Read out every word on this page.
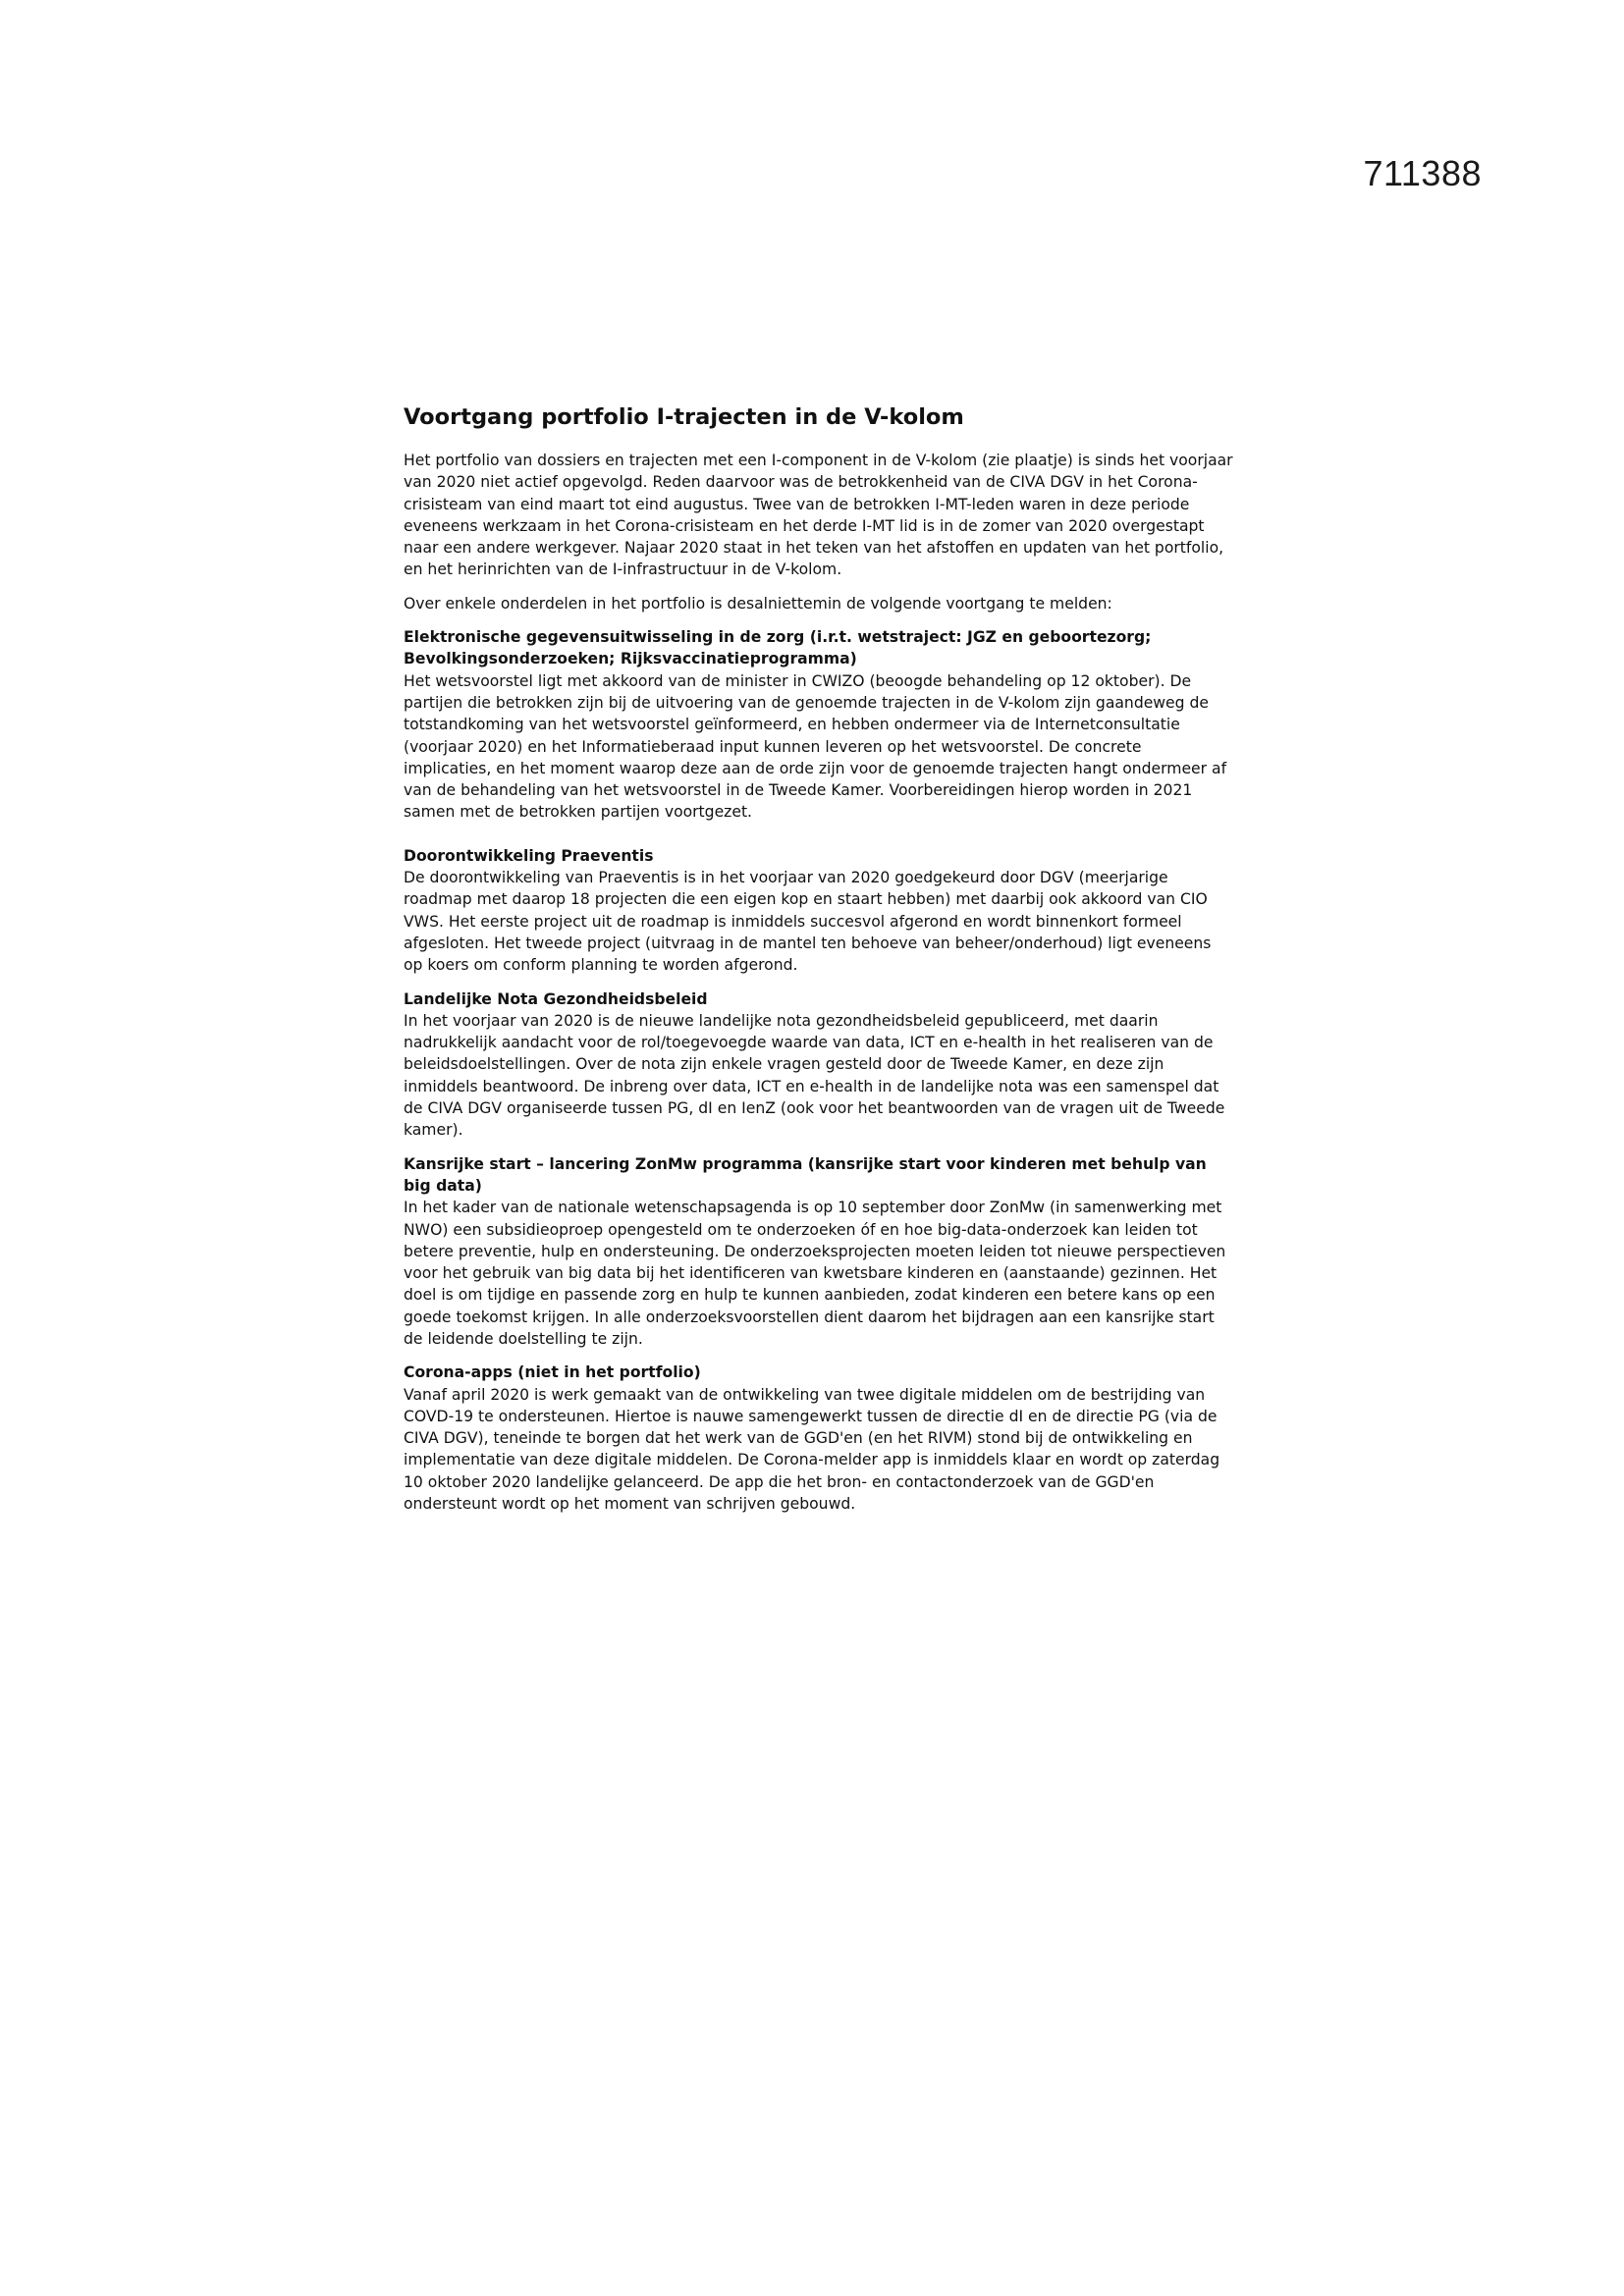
711388
Voortgang portfolio I-trajecten in de V-kolom

Het portfolio van dossiers en trajecten met een I-component in de V-kolom (zie plaatje) is sinds het voorjaar van 2020 niet actief opgevolgd. Reden daarvoor was de betrokkenheid van de CIVA DGV in het Corona-crisisteam van eind maart tot eind augustus. Twee van de betrokken I-MT-leden waren in deze periode eveneens werkzaam in het Corona-crisisteam en het derde I-MT lid is in de zomer van 2020 overgestapt naar een andere werkgever. Najaar 2020 staat in het teken van het afstoffen en updaten van het portfolio, en het herinrichten van de I-infrastructuur in de V-kolom.

Over enkele onderdelen in het portfolio is desalniettemin de volgende voortgang te melden:

Elektronische gegevensuitwisseling in de zorg (i.r.t. wetstraject: JGZ en geboortezorg; Bevolkingsonderzoeken; Rijksvaccinatieprogramma)

Het wetsvoorstel ligt met akkoord van de minister in CWIZO (beoogde behandeling op 12 oktober). De partijen die betrokken zijn bij de uitvoering van de genoemde trajecten in de V-kolom zijn gaandeweg de totstandkoming van het wetsvoorstel geïnformeerd, en hebben ondermeer via de Internetconsultatie (voorjaar 2020) en het Informatieberaad input kunnen leveren op het wetsvoorstel. De concrete implicaties, en het moment waarop deze aan de orde zijn voor de genoemde trajecten hangt ondermeer af van de behandeling van het wetsvoorstel in de Tweede Kamer. Voorbereidingen hierop worden in 2021 samen met de betrokken partijen voortgezet.

Doorontwikkeling Praeventis

De doorontwikkeling van Praeventis is in het voorjaar van 2020 goedgekeurd door DGV (meerjarige roadmap met daarop 18 projecten die een eigen kop en staart hebben) met daarbij ook akkoord van CIO VWS. Het eerste project uit de roadmap is inmiddels succesvol afgerond en wordt binnenkort formeel afgesloten. Het tweede project (uitvraag in de mantel ten behoeve van beheer/onderhoud) ligt eveneens op koers om conform planning te worden afgerond.

Landelijke Nota Gezondheidsbeleid

In het voorjaar van 2020 is de nieuwe landelijke nota gezondheidsbeleid gepubliceerd, met daarin nadrukkelijk aandacht voor de rol/toegevoegde waarde van data, ICT en e-health in het realiseren van de beleidsdoelstellingen. Over de nota zijn enkele vragen gesteld door de Tweede Kamer, en deze zijn inmiddels beantwoord. De inbreng over data, ICT en e-health in de landelijke nota was een samenspel dat de CIVA DGV organiseerde tussen PG, dI en IenZ (ook voor het beantwoorden van de vragen uit de Tweede kamer).

Kansrijke start – lancering ZonMw programma (kansrijke start voor kinderen met behulp van big data)

In het kader van de nationale wetenschapsagenda is op 10 september door ZonMw (in samenwerking met NWO) een subsidieoproep opengesteld om te onderzoeken óf en hoe big-data-onderzoek kan leiden tot betere preventie, hulp en ondersteuning. De onderzoeksprojecten moeten leiden tot nieuwe perspectieven voor het gebruik van big data bij het identificeren van kwetsbare kinderen en (aanstaande) gezinnen. Het doel is om tijdige en passende zorg en hulp te kunnen aanbieden, zodat kinderen een betere kans op een goede toekomst krijgen. In alle onderzoeksvoorstellen dient daarom het bijdragen aan een kansrijke start de leidende doelstelling te zijn.

Corona-apps (niet in het portfolio)

Vanaf april 2020 is werk gemaakt van de ontwikkeling van twee digitale middelen om de bestrijding van COVD-19 te ondersteunen. Hiertoe is nauwe samengewerkt tussen de directie dI en de directie PG (via de CIVA DGV), teneinde te borgen dat het werk van de GGD'en (en het RIVM) stond bij de ontwikkeling en implementatie van deze digitale middelen. De Corona-melder app is inmiddels klaar en wordt op zaterdag 10 oktober 2020 landelijke gelanceerd. De app die het bron- en contactonderzoek van de GGD'en ondersteunt wordt op het moment van schrijven gebouwd.
